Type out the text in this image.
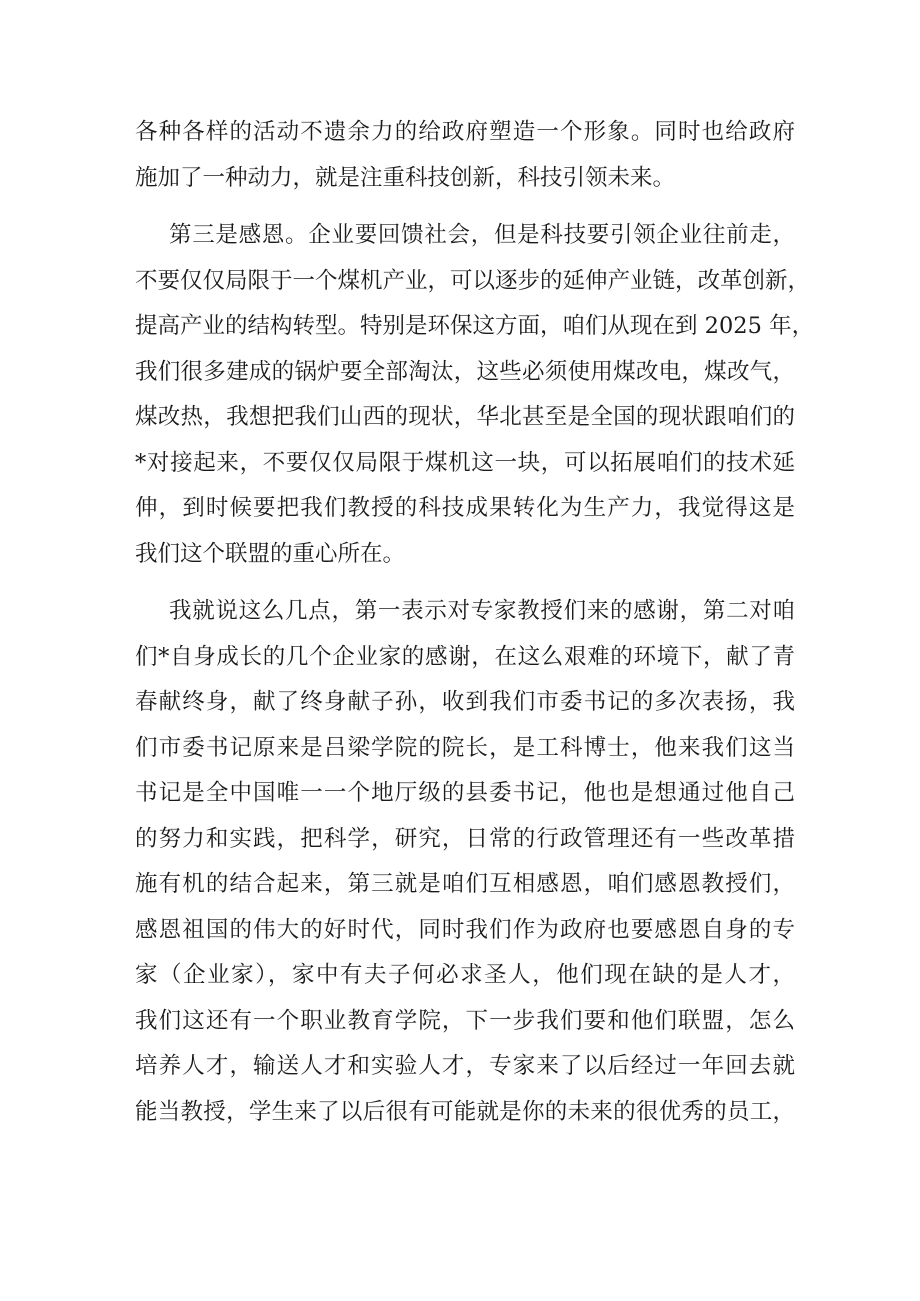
各种各样的活动不遗余力的给政府塑造一个形象。同时也给政府
施加了一种动力，就是注重科技创新，科技引领未来。
第三是感恩。企业要回馈社会，但是科技要引领企业往前走，
不要仅仅局限于一个煤机产业，可以逐步的延伸产业链，改革创新，
提高产业的结构转型。特别是环保这方面，咱们从现在到 2025 年，
我们很多建成的锅炉要全部淘汰，这些必须使用煤改电，煤改气，
煤改热，我想把我们山西的现状，华北甚至是全国的现状跟咱们的
*对接起来，不要仅仅局限于煤机这一块，可以拓展咱们的技术延
伸，到时候要把我们教授的科技成果转化为生产力，我觉得这是
我们这个联盟的重心所在。
我就说这么几点，第一表示对专家教授们来的感谢，第二对咱
们*自身成长的几个企业家的感谢，在这么艰难的环境下，献了青
春献终身，献了终身献子孙，收到我们市委书记的多次表扬，我
们市委书记原来是吕梁学院的院长，是工科博士，他来我们这当
书记是全中国唯一一个地厅级的县委书记，他也是想通过他自己
的努力和实践，把科学，研究，日常的行政管理还有一些改革措
施有机的结合起来，第三就是咱们互相感恩，咱们感恩教授们，
感恩祖国的伟大的好时代，同时我们作为政府也要感恩自身的专
家（企业家），家中有夫子何必求圣人，他们现在缺的是人才，
我们这还有一个职业教育学院，下一步我们要和他们联盟，怎么
培养人才，输送人才和实验人才，专家来了以后经过一年回去就
能当教授，学生来了以后很有可能就是你的未来的很优秀的员工，
